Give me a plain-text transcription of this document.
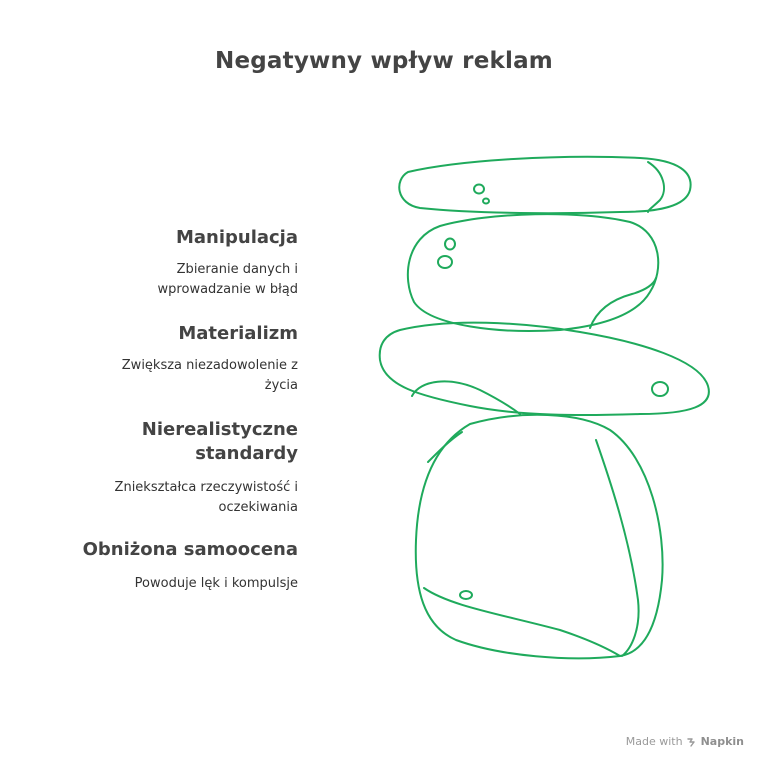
Negatywny wpływ reklam
Manipulacja
Zbieranie danych i
wprowadzanie w błąd
Materializm
Zwiększa niezadowolenie z
życia
Nierealistyczne
standardy
Zniekształca rzeczywistość i
oczekiwania
Obniżona samoocena
Powoduje lęk i kompulsje
Made with Napkin
